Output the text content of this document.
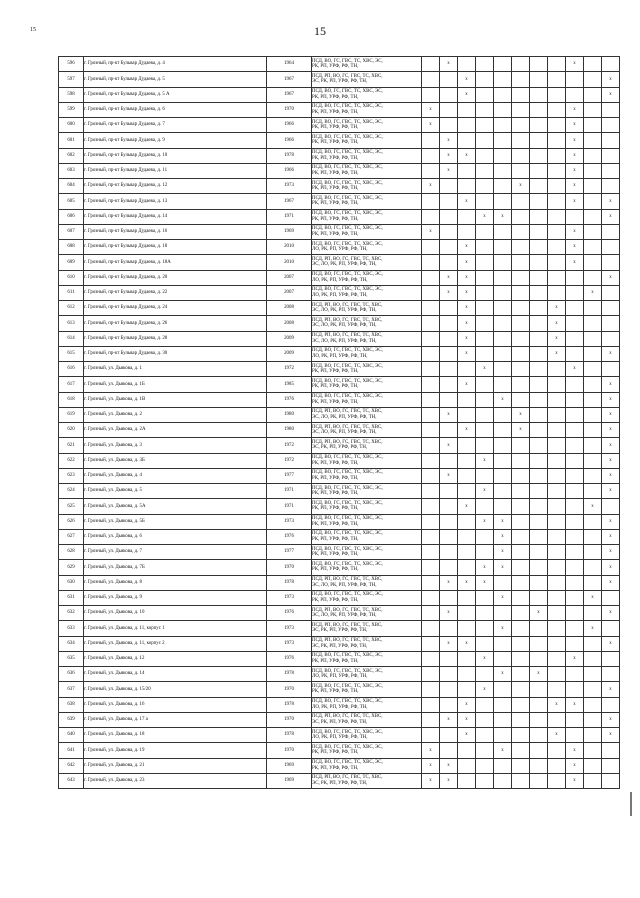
15	15
596	г. Грозный, пр-кт Бульвар Дудаева, д. 4	1964	ПСД, ВО, ГС, ГВС, ТС, ХВС, ЭС,
РК, РП, УРФ, РФ, ТН,		x							x		
597	г. Грозный, пр-кт Бульвар Дудаева, д. 5	1967	ПСД, РП, ВО, ГС, ГВС, ТС, ХВС,
ЭС, РК, РП, УРФ, РФ, ТН,			x								x
598	г. Грозный, пр-кт Бульвар Дудаева, д. 5 А	1967	ПСД, ВО, ГС, ГВС, ТС, ХВС, ЭС,
РК, РП, УРФ, РФ, ТН,			x								x
599	г. Грозный, пр-кт Бульвар Дудаева, д. 6	1970	ПСД, ВО, ГС, ГВС, ТС, ХВС, ЭС,
РК, РП, УРФ, РФ, ТН,	x								x		
600	г. Грозный, пр-кт Бульвар Дудаева, д. 7	1966	ПСД, ВО, ГС, ГВС, ТС, ХВС, ЭС,
РК, РП, УРФ, РФ, ТН,	x								x		
601	г. Грозный, пр-кт Бульвар Дудаева, д. 9	1966	ПСД, ВО, ГС, ГВС, ТС, ХВС, ЭС,
РК, РП, УРФ, РФ, ТН,		x							x		
602	г. Грозный, пр-кт Бульвар Дудаева, д. 10	1978	ПСД, ВО, ГС, ГВС, ТС, ХВС, ЭС,
РК, РП, УРФ, РФ, ТН,		x	x						x		
603	г. Грозный, пр-кт Бульвар Дудаева, д. 11	1966	ПСД, ВО, ГС, ГВС, ТС, ХВС, ЭС,
РК, РП, УРФ, РФ, ТН,		x							x		
604	г. Грозный, пр-кт Бульвар Дудаева, д. 12	1973	ПСД, ВО, ГС, ГВС, ТС, ХВС, ЭС,
РК, РП, УРФ, РФ, ТН,	x					x			x		
605	г. Грозный, пр-кт Бульвар Дудаева, д. 13	1967	ПСД, ВО, ГС, ГВС, ТС, ХВС, ЭС,
РК, РП, УРФ, РФ, ТН,			x						x		x
606	г. Грозный, пр-кт Бульвар Дудаева, д. 14	1971	ПСД, ВО, ГС, ГВС, ТС, ХВС, ЭС,
РК, РП, УРФ, РФ, ТН,				x	x						x
607	г. Грозный, пр-кт Бульвар Дудаева, д. 16	1969	ПСД, ВО, ГС, ГВС, ТС, ХВС, ЭС,
РК, РП, УРФ, РФ, ТН,	x								x		
608	г. Грозный, пр-кт Бульвар Дудаева, д. 18	2010	ПСД, ВО, ГС, ГВС, ТС, ХВС, ЭС,
ЛО, РК, РП, УРФ, РФ, ТН,			x						x		
609	г. Грозный, пр-кт Бульвар Дудаева, д. 18А	2010	ПСД, РП, ВО, ГС, ГВС, ТС, ХВС,
ЭС, ЛО, РК, РП, УРФ, РФ, ТН,			x						x		
610	г. Грозный, пр-кт Бульвар Дудаева, д. 20	2007	ПСД, ВО, ГС, ГВС, ТС, ХВС, ЭС,
ЛО, РК, РП, УРФ, РФ, ТН,		x	x								x
611	г. Грозный, пр-кт Бульвар Дудаева, д. 22	2007	ПСД, ВО, ГС, ГВС, ТС, ХВС, ЭС,
ЛО, РК, РП, УРФ, РФ, ТН,		x	x							x	
612	г. Грозный, пр-кт Бульвар Дудаева, д. 24	2008	ПСД, РП, ВО, ГС, ГВС, ТС, ХВС,
ЭС, ЛО, РК, РП, УРФ, РФ, ТН,			x					x			
613	г. Грозный, пр-кт Бульвар Дудаева, д. 26	2008	ПСД, РП, ВО, ГС, ГВС, ТС, ХВС,
ЭС, ЛО, РК, РП, УРФ, РФ, ТН,			x					x			
614	г. Грозный, пр-кт Бульвар Дудаева, д. 28	2009	ПСД, РП, ВО, ГС, ГВС, ТС, ХВС,
ЭС, ЛО, РК, РП, УРФ, РФ, ТН,			x					x			
615	г. Грозный, пр-кт Бульвар Дудаева, д. 30	2009	ПСД, ВО, ГС, ГВС, ТС, ХВС, ЭС,
ЛО, РК, РП, УРФ, РФ, ТН,			x					x			x
616	г. Грозный, ул. Дьякова, д. 1	1972	ПСД, ВО, ГС, ГВС, ТС, ХВС, ЭС,
РК, РП, УРФ, РФ, ТН,				x					x		
617	г. Грозный, ул. Дьякова, д. 1Б	1985	ПСД, ВО, ГС, ГВС, ТС, ХВС, ЭС,
РК, РП, УРФ, РФ, ТН,			x								x
618	г. Грозный, ул. Дьякова, д. 1В	1976	ПСД, ВО, ГС, ГВС, ТС, ХВС, ЭС,
РК, РП, УРФ, РФ, ТН,					x						x
619	г. Грозный, ул. Дьякова, д. 2	1980	ПСД, РП, ВО, ГС, ГВС, ТС, ХВС,
ЭС, ЛО, РК, РП, УРФ, РФ, ТН,		x				x					x
620	г. Грозный, ул. Дьякова, д. 2А	1980	ПСД, РП, ВО, ГС, ГВС, ТС, ХВС,
ЭС, ЛО, РК, РП, УРФ, РФ, ТН,			x			x					x
621	г. Грозный, ул. Дьякова, д. 3	1972	ПСД, РП, ВО, ГС, ГВС, ТС, ХВС,
ЭС, РК, РП, УРФ, РФ, ТН,		x									x
622	г. Грозный, ул. Дьякова, д. 3Б	1972	ПСД, ВО, ГС, ГВС, ТС, ХВС, ЭС,
РК, РП, УРФ, РФ, ТН,				x							x
623	г. Грозный, ул. Дьякова, д. 4	1977	ПСД, ВО, ГС, ГВС, ТС, ХВС, ЭС,
РК, РП, УРФ, РФ, ТН,		x									x
624	г. Грозный, ул. Дьякова, д. 5	1971	ПСД, ВО, ГС, ГВС, ТС, ХВС, ЭС,
РК, РП, УРФ, РФ, ТН,				x							x
625	г. Грозный, ул. Дьякова, д. 5А	1971	ПСД, ВО, ГС, ГВС, ТС, ХВС, ЭС,
РК, РП, УРФ, РФ, ТН,			x							x	
626	г. Грозный, ул. Дьякова, д. 5Б	1973	ПСД, ВО, ГС, ГВС, ТС, ХВС, ЭС,
РК, РП, УРФ, РФ, ТН,				x	x						x
627	г. Грозный, ул. Дьякова, д. 6	1976	ПСД, ВО, ГС, ГВС, ТС, ХВС, ЭС,
РК, РП, УРФ, РФ, ТН,					x						x
628	г. Грозный, ул. Дьякова, д. 7	1977	ПСД, ВО, ГС, ГВС, ТС, ХВС, ЭС,
РК, РП, УРФ, РФ, ТН,					x						x
629	г. Грозный, ул. Дьякова, д. 7Б	1970	ПСД, ВО, ГС, ГВС, ТС, ХВС, ЭС,
РК, РП, УРФ, РФ, ТН,				x	x						x
630	г. Грозный, ул. Дьякова, д. 8	1978	ПСД, РП, ВО, ГС, ГВС, ТС, ХВС,
ЭС, ЛО, РК, РП, УРФ, РФ, ТН,		x	x	x							x
631	г. Грозный, ул. Дьякова, д. 9	1973	ПСД, ВО, ГС, ГВС, ТС, ХВС, ЭС,
РК, РП, УРФ, РФ, ТН,					x					x	
632	г. Грозный, ул. Дьякова, д. 10	1976	ПСД, РП, ВО, ГС, ГВС, ТС, ХВС,
ЭС, ЛО, РК, РП, УРФ, РФ, ТН,		x					x				x
633	г. Грозный, ул. Дьякова, д. 11, корпус 1	1973	ПСД, РП, ВО, ГС, ГВС, ТС, ХВС,
ЭС, РК, РП, УРФ, РФ, ТН,					x					x	
634	г. Грозный, ул. Дьякова, д. 11, корпус 2	1973	ПСД, РП, ВО, ГС, ГВС, ТС, ХВС,
ЭС, РК, РП, УРФ, РФ, ТН,		x	x								x
635	г. Грозный, ул. Дьякова, д. 12	1976	ПСД, ВО, ГС, ГВС, ТС, ХВС, ЭС,
РК, РП, УРФ, РФ, ТН,				x					x		
636	г. Грозный, ул. Дьякова, д. 14	1978	ПСД, ВО, ГС, ГВС, ТС, ХВС, ЭС,
ЛО, РК, РП, УРФ, РФ, ТН,					x		x				
637	г. Грозный, ул. Дьякова, д. 15/20	1970	ПСД, ВО, ГС, ГВС, ТС, ХВС, ЭС,
РК, РП, УРФ, РФ, ТН,				x							x
638	г. Грозный, ул. Дьякова, д. 16	1978	ПСД, ВО, ГС, ГВС, ТС, ХВС, ЭС,
ЛО, РК, РП, УРФ, РФ, ТН,			x					x	x		
639	г. Грозный, ул. Дьякова, д. 17 а	1970	ПСД, РП, ВО, ГС, ГВС, ТС, ХВС,
ЭС, РК, РП, УРФ, РФ, ТН,		x	x								x
640	г. Грозный, ул. Дьякова, д. 18	1978	ПСД, ВО, ГС, ГВС, ТС, ХВС, ЭС,
ЛО, РК, РП, УРФ, РФ, ТН,			x					x			x
641	г. Грозный, ул. Дьякова, д. 19	1970	ПСД, ВО, ГС, ГВС, ТС, ХВС, ЭС,
РК, РП, УРФ, РФ, ТН,	x				x				x		
642	г. Грозный, ул. Дьякова, д. 21	1969	ПСД, ВО, ГС, ГВС, ТС, ХВС, ЭС,
РК, РП, УРФ, РФ, ТН,	x	x							x		
643	г. Грозный, ул. Дьякова, д. 23	1969	ПСД, РП, ВО, ГС, ГВС, ТС, ХВС,
ЭС, РК, РП, УРФ, РФ, ТН,	x	x							x		
